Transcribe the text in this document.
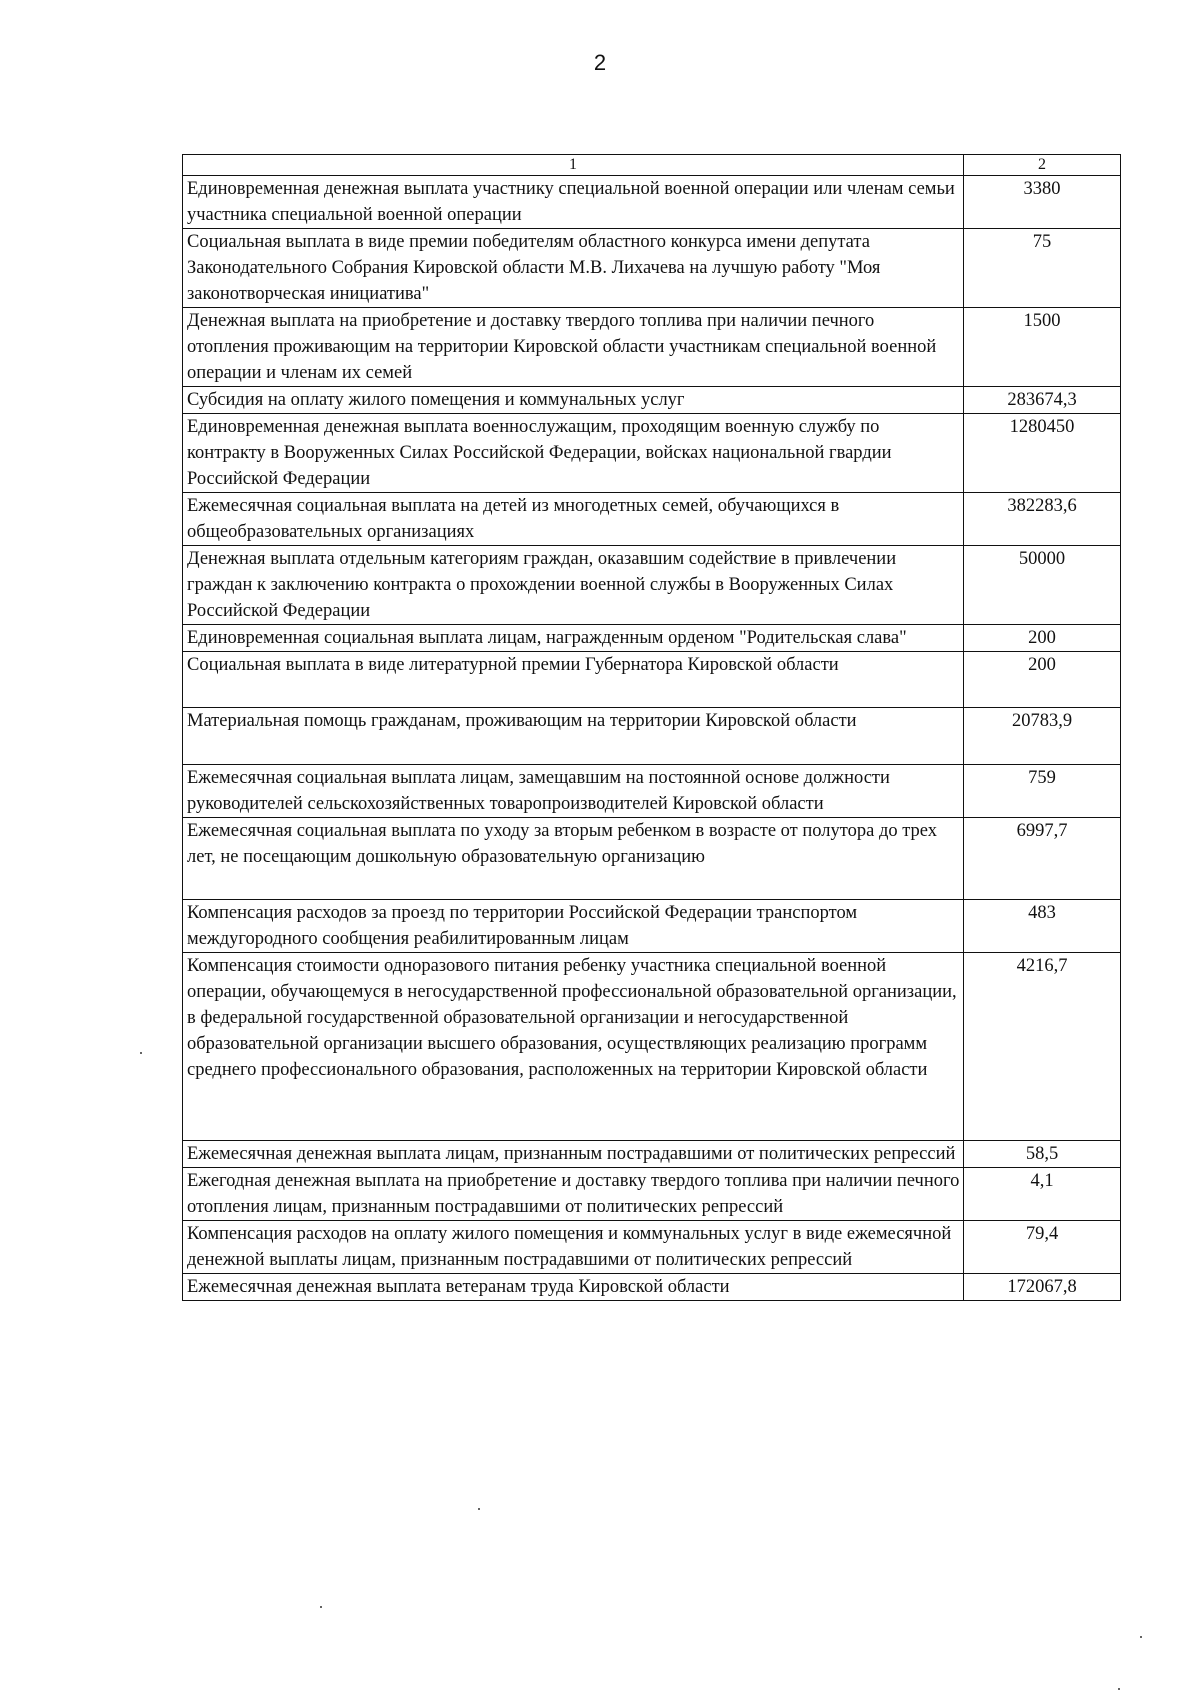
2
1	2
Единовременная денежная выплата участнику специальной военной операции или членам семьи участника специальной военной операции	3380
Социальная выплата в виде премии победителям областного конкурса имени депутата Законодательного Собрания Кировской области М.В. Лихачева на лучшую работу "Моя законотворческая инициатива"	75
Денежная выплата на приобретение и доставку твердого топлива при наличии печного отопления проживающим на территории Кировской области участникам специальной военной операции и членам их семей	1500
Субсидия на оплату жилого помещения и коммунальных услуг	283674,3
Единовременная денежная выплата военнослужащим, проходящим военную службу по контракту в Вооруженных Силах Российской Федерации, войсках национальной гвардии Российской Федерации	1280450
Ежемесячная социальная выплата на детей из многодетных семей, обучающихся в общеобразовательных организациях	382283,6
Денежная выплата отдельным категориям граждан, оказавшим содействие в привлечении граждан к заключению контракта о прохождении военной службы в Вооруженных Силах Российской Федерации	50000
Единовременная социальная выплата лицам, награжденным орденом "Родительская слава"	200
Социальная выплата в виде литературной премии Губернатора Кировской области	200
Материальная помощь гражданам, проживающим на территории Кировской области	20783,9
Ежемесячная социальная выплата лицам, замещавшим на постоянной основе должности руководителей сельскохозяйственных товаропроизводителей Кировской области	759
Ежемесячная социальная выплата по уходу за вторым ребенком в возрасте от полутора до трех лет, не посещающим дошкольную образовательную организацию	6997,7
Компенсация расходов за проезд по территории Российской Федерации транспортом междугородного сообщения реабилитированным лицам	483
Компенсация стоимости одноразового питания ребенку участника специальной военной операции, обучающемуся в негосударственной профессиональной образовательной организации, в федеральной государственной образовательной организации и негосударственной образовательной организации высшего образования, осуществляющих реализацию программ среднего профессионального образования, расположенных на территории Кировской области	4216,7
Ежемесячная денежная выплата лицам, признанным пострадавшими от политических репрессий	58,5
Ежегодная денежная выплата на приобретение и доставку твердого топлива при наличии печного отопления лицам, признанным пострадавшими от политических репрессий	4,1
Компенсация расходов на оплату жилого помещения и коммунальных услуг в виде ежемесячной денежной выплаты лицам, признанным пострадавшими от политических репрессий	79,4
Ежемесячная денежная выплата ветеранам труда Кировской области	172067,8
